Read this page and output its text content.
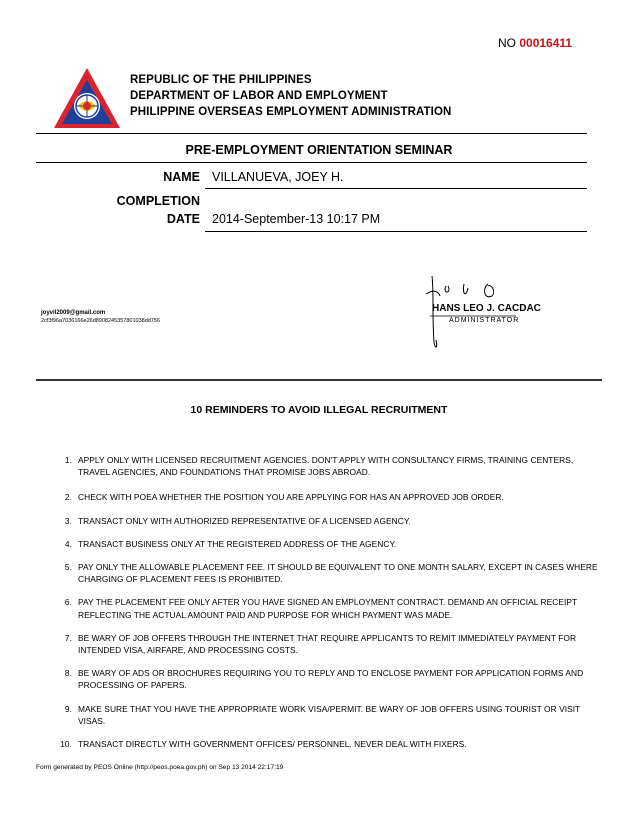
NO 00016411
REPUBLIC OF THE PHILIPPINES
DEPARTMENT OF LABOR AND EMPLOYMENT
PHILIPPINE OVERSEAS EMPLOYMENT ADMINISTRATION
PRE-EMPLOYMENT ORIENTATION SEMINAR
NAME VILLANUEVA, JOEY H.
COMPLETION
DATE 2014-September-13 10:17 PM
joyvil2009@gmail.com
2cf3f96a7036166e26d8908245357801038dd756
HANS LEO J. CACDAC
ADMINISTRATOR
10 REMINDERS TO AVOID ILLEGAL RECRUITMENT
1. APPLY ONLY WITH LICENSED RECRUITMENT AGENCIES. DON'T APPLY WITH CONSULTANCY FIRMS, TRAINING CENTERS, TRAVEL AGENCIES, AND FOUNDATIONS THAT PROMISE JOBS ABROAD.
2. CHECK WITH POEA WHETHER THE POSITION YOU ARE APPLYING FOR HAS AN APPROVED JOB ORDER.
3. TRANSACT ONLY WITH AUTHORIZED REPRESENTATIVE OF A LICENSED AGENCY.
4. TRANSACT BUSINESS ONLY AT THE REGISTERED ADDRESS OF THE AGENCY.
5. PAY ONLY THE ALLOWABLE PLACEMENT FEE. IT SHOULD BE EQUIVALENT TO ONE MONTH SALARY, EXCEPT IN CASES WHERE CHARGING OF PLACEMENT FEES IS PROHIBITED.
6. PAY THE PLACEMENT FEE ONLY AFTER YOU HAVE SIGNED AN EMPLOYMENT CONTRACT. DEMAND AN OFFICIAL RECEIPT REFLECTING THE ACTUAL AMOUNT PAID AND PURPOSE FOR WHICH PAYMENT WAS MADE.
7. BE WARY OF JOB OFFERS THROUGH THE INTERNET THAT REQUIRE APPLICANTS TO REMIT IMMEDIATELY PAYMENT FOR INTENDED VISA, AIRFARE, AND PROCESSING COSTS.
8. BE WARY OF ADS OR BROCHURES REQUIRING YOU TO REPLY AND TO ENCLOSE PAYMENT FOR APPLICATION FORMS AND PROCESSING OF PAPERS.
9. MAKE SURE THAT YOU HAVE THE APPROPRIATE WORK VISA/PERMIT. BE WARY OF JOB OFFERS USING TOURIST OR VISIT VISAS.
10. TRANSACT DIRECTLY WITH GOVERNMENT OFFICES/ PERSONNEL. NEVER DEAL WITH FIXERS.
Form generated by PEOS Online (http://peos.poea.gov.ph) on Sep 13 2014 22:17:19
